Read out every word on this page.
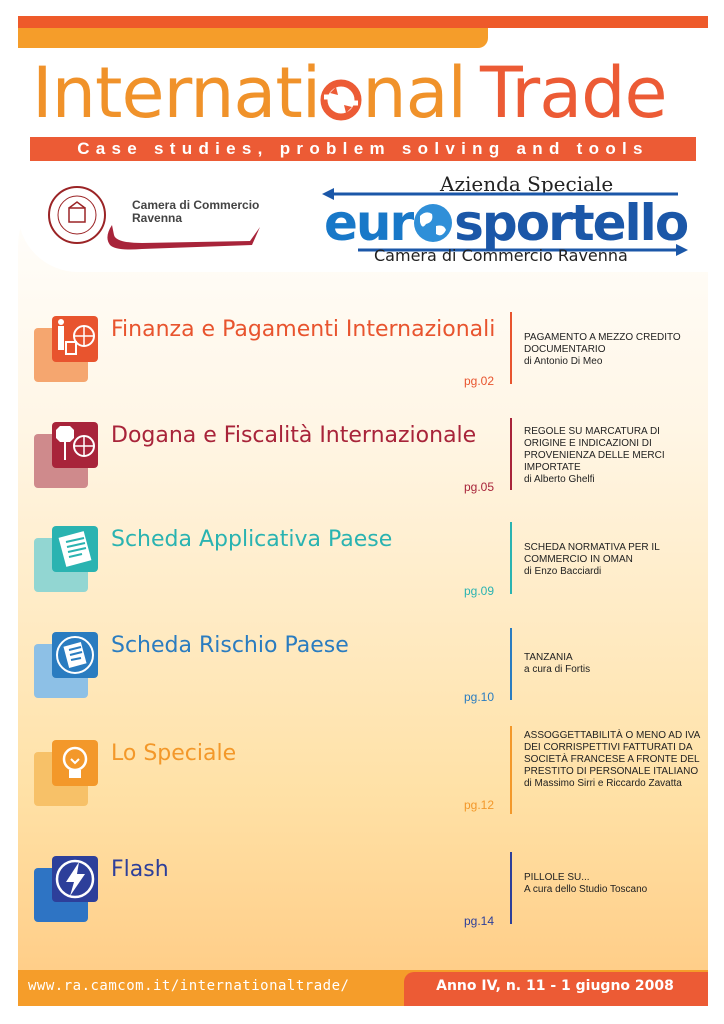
Internati nal Trade
Case studies, problem solving and tools
Camera di Commercio
Ravenna
Azienda Speciale
eur sportello
Camera di Commercio Ravenna
Finanza e Pagamenti Internazionali
pg.02
PAGAMENTO A MEZZO CREDITO DOCUMENTARIO
di Antonio Di Meo
Dogana e Fiscalità Internazionale
pg.05
REGOLE SU MARCATURA DI ORIGINE E INDICAZIONI DI PROVENIENZA DELLE MERCI IMPORTATE
di Alberto Ghelfi
Scheda Applicativa Paese
pg.09
SCHEDA NORMATIVA PER IL COMMERCIO IN OMAN
di Enzo Bacciardi
Scheda Rischio Paese
pg.10
TANZANIA
a cura di Fortis
Lo Speciale
pg.12
ASSOGGETTABILITÀ O MENO AD IVA DEI CORRISPETTIVI FATTURATI DA SOCIETÀ FRANCESE A FRONTE DEL PRESTITO DI PERSONALE ITALIANO
di Massimo Sirri e Riccardo Zavatta
Flash
pg.14
PILLOLE SU...
A cura dello Studio Toscano
www.ra.camcom.it/internationaltrade/	Anno IV, n. 11 - 1 giugno 2008
